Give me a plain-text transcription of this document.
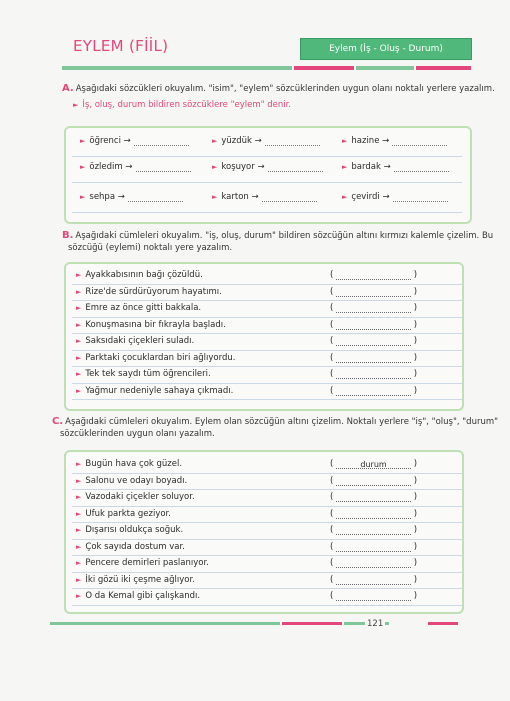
EYLEM (FİİL)	Eylem (İş - Oluş - Durum)
A. Aşağıdaki sözcükleri okuyalım. "isim", "eylem" sözcüklerinden uygun olanı noktalı yerlere yazalım.
► İş, oluş, durum bildiren sözcüklere "eylem" denir.
► öğrenci →	► yüzdük →	► hazine →
► özledim →	► koşuyor →	► bardak →
► sehpa →	► karton →	► çevirdi →
B. Aşağıdaki cümleleri okuyalım. "iş, oluş, durum" bildiren sözcüğün altını kırmızı kalemle çizelim. Bu
sözcüğü (eylemi) noktalı yere yazalım.
► Ayakkabısının bağı çözüldü.	(	)
► Rize'de sürdürüyorum hayatımı.	(	)
► Emre az önce gitti bakkala.	(	)
► Konuşmasına bir fıkrayla başladı.	(	)
► Saksıdaki çiçekleri suladı.	(	)
► Parktaki çocuklardan biri ağlıyordu.	(	)
► Tek tek saydı tüm öğrencileri.	(	)
► Yağmur nedeniyle sahaya çıkmadı.	(	)
C. Aşağıdaki cümleleri okuyalım. Eylem olan sözcüğün altını çizelim. Noktalı yerlere "iş", "oluş", "durum"
sözcüklerinden uygun olanı yazalım.
► Bugün hava çok güzel.	(	durum	)
► Salonu ve odayı boyadı.	(	)
► Vazodaki çiçekler soluyor.	(	)
► Ufuk parkta geziyor.	(	)
► Dışarısı oldukça soğuk.	(	)
► Çok sayıda dostum var.	(	)
► Pencere demirleri paslanıyor.	(	)
► İki gözü iki çeşme ağlıyor.	(	)
► O da Kemal gibi çalışkandı.	(	)
121
